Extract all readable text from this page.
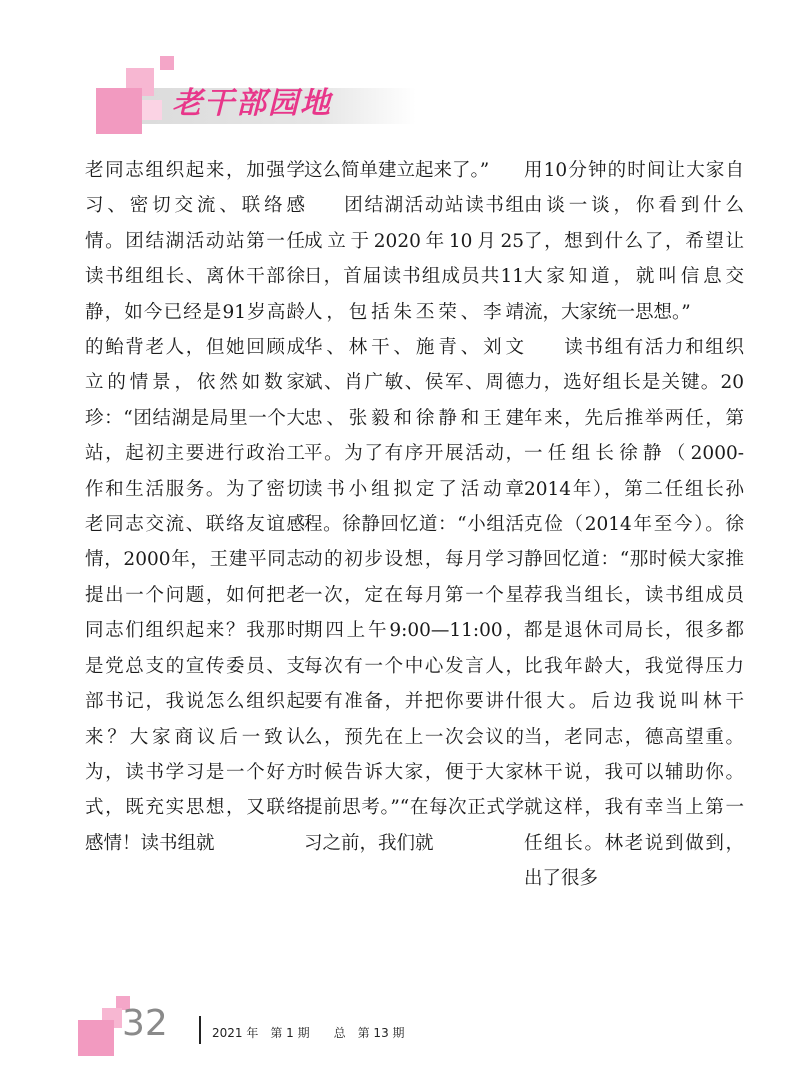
老干部园地

老同志组织起来，加强学习、密切交流、联络感情。团结湖活动站第一任读书组组长、离休干部徐静，如今已经是91岁高龄的鲐背老人，但她回顾成立的情景，依然如数家珍：“团结湖是局里一个大站，起初主要进行政治工作和生活服务。为了密切老同志交流、联络友谊感情，2000年，王建平同志提出一个问题，如何把老同志们组织起来？我那时是党总支的宣传委员、支部书记，我说怎么组织起来？大家商议后一致认为，读书学习是一个好方式，既充实思想，又联络感情！读书组就

这么简单建立起来了。”
　　团结湖活动站读书组成立于2020年10月25日，首届读书组成员共11人，包括朱丕荣、李靖华、林干、施青、刘文斌、肖广敏、侯军、周德忠、张毅和徐静和王建平。为了有序开展活动，读书小组拟定了活动章程。徐静回忆道：“小组活动的初步设想，每月学习一次，定在每月第一个星期四上午9:00—11:00，每次有一个中心发言人，要有准备，并把你要讲什么，预先在上一次会议的时候告诉大家，便于大家提前思考。”“在每次正式学习之前，我们就

用10分钟的时间让大家自由谈一谈，你看到什么了，想到什么了，希望让大家知道，就叫信息交流，大家统一思想。”
　　读书组有活力和组织力，选好组长是关键。20年来，先后推举两任，第一任组长徐静（2000-2014年），第二任组长孙克俭（2014年至今）。徐静回忆道：“那时候大家推荐我当组长，读书组成员都是退休司局长，很多都比我年龄大，我觉得压力很大。后边我说叫林干当，老同志，德高望重。林干说，我可以辅助你。就这样，我有幸当上第一任组长。林老说到做到，出了很多

32	2021 年　第 1 期　　总　第 13 期
